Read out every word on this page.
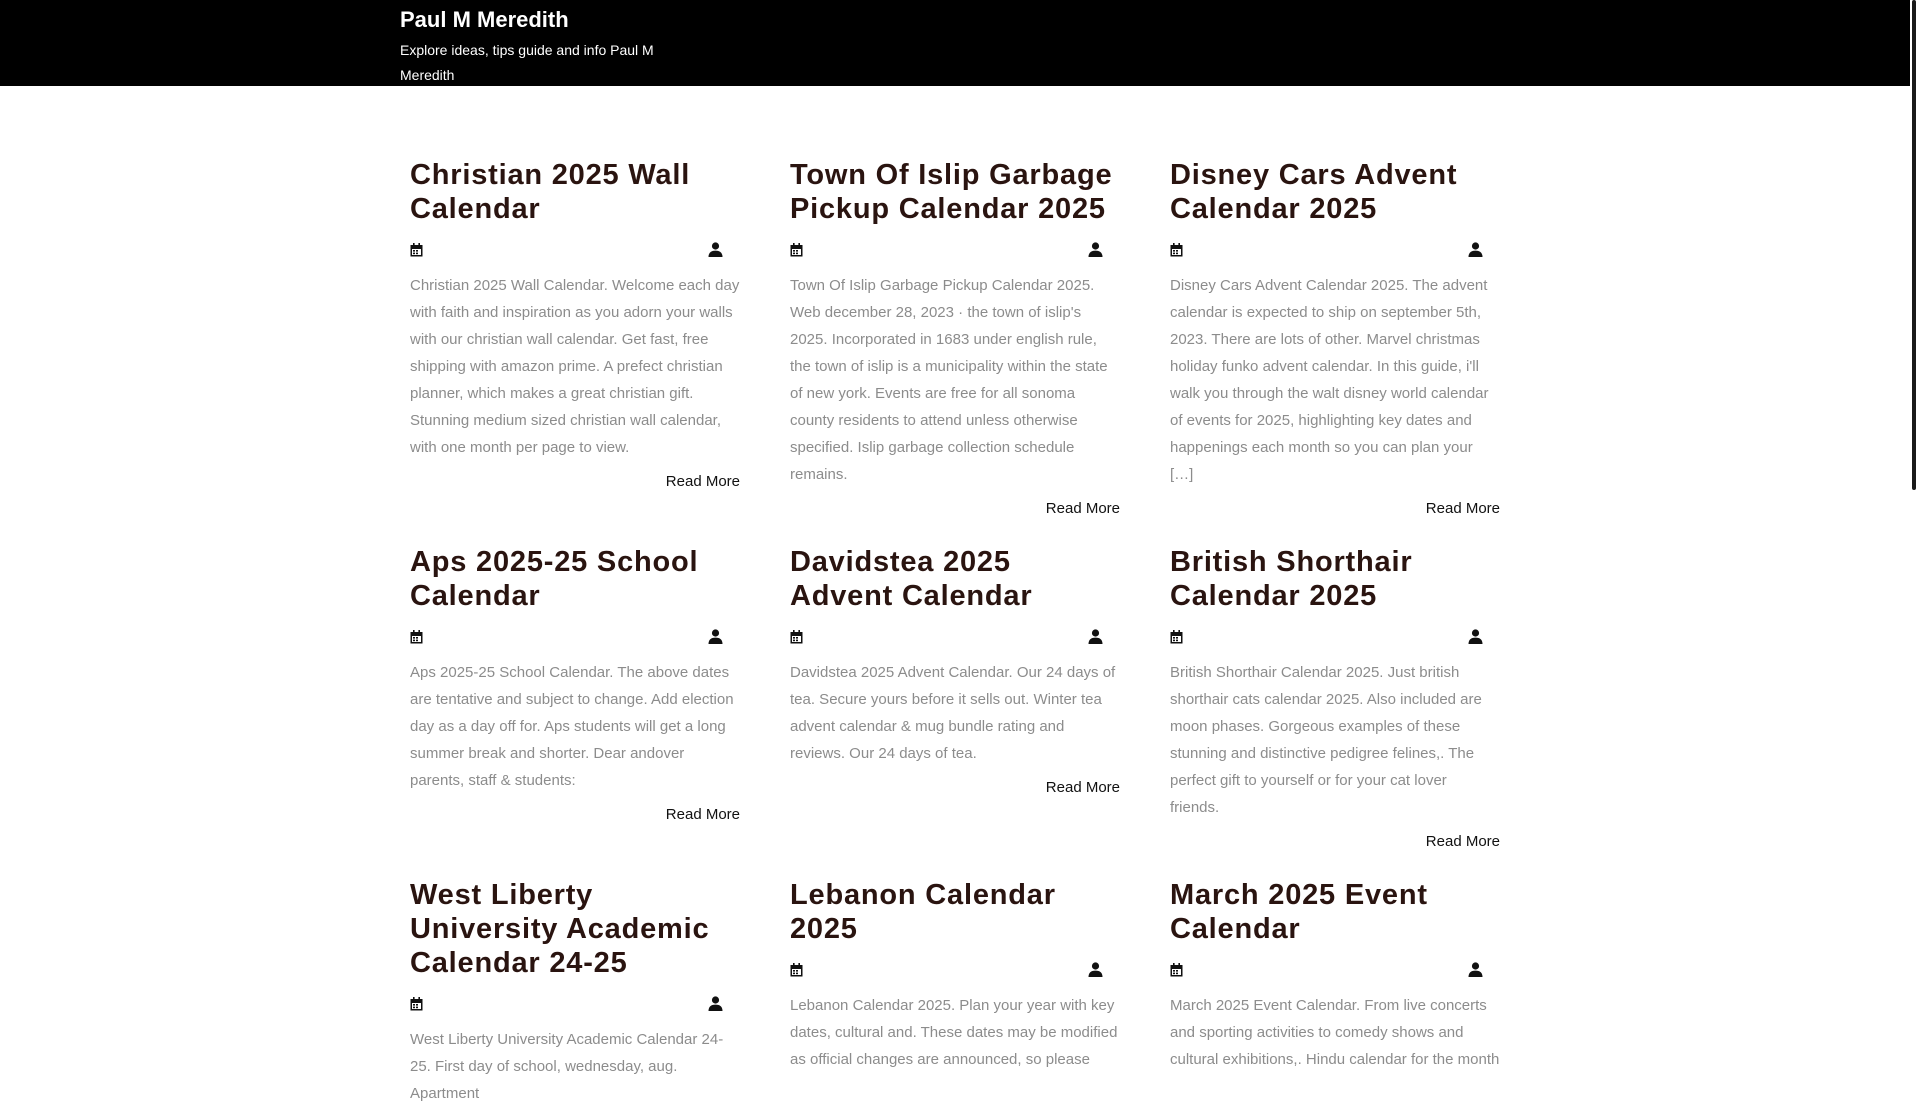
Paul M Meredith

Explore ideas, tips guide and info Paul M Meredith

Christian 2025 Wall Calendar

Christian 2025 Wall Calendar. Welcome each day with faith and inspiration as you adorn your walls with our christian wall calendar. Get fast, free shipping with amazon prime. A prefect christian planner, which makes a great christian gift. Stunning medium sized christian wall calendar, with one month per page to view.

Read More
Town Of Islip Garbage Pickup Calendar 2025

Town Of Islip Garbage Pickup Calendar 2025. Web december 28, 2023 · the town of islip's 2025. Incorporated in 1683 under english rule, the town of islip is a municipality within the state of new york. Events are free for all sonoma county residents to attend unless otherwise specified. Islip garbage collection schedule remains.

Read More
Disney Cars Advent Calendar 2025

Disney Cars Advent Calendar 2025. The advent calendar is expected to ship on september 5th, 2023. There are lots of other. Marvel christmas holiday funko advent calendar. In this guide, i'll walk you through the walt disney world calendar of events for 2025, highlighting key dates and happenings each month so you can plan your […]

Read More
Aps 2025-25 School Calendar

Aps 2025-25 School Calendar. The above dates are tentative and subject to change. Add election day as a day off for. Aps students will get a long summer break and shorter. Dear andover parents, staff & students:

Read More
Davidstea 2025 Advent Calendar

Davidstea 2025 Advent Calendar. Our 24 days of tea. Secure yours before it sells out. Winter tea advent calendar & mug bundle rating and reviews. Our 24 days of tea.

Read More
British Shorthair Calendar 2025

British Shorthair Calendar 2025. Just british shorthair cats calendar 2025. Also included are moon phases. Gorgeous examples of these stunning and distinctive pedigree felines,. The perfect gift to yourself or for your cat lover friends.

Read More
West Liberty University Academic Calendar 24-25

West Liberty University Academic Calendar 24-25. First day of school, wednesday, aug. Apartment

Lebanon Calendar 2025

Lebanon Calendar 2025. Plan your year with key dates, cultural and. These dates may be modified as official changes are announced, so please

March 2025 Event Calendar

March 2025 Event Calendar. From live concerts and sporting activities to comedy shows and cultural exhibitions,. Hindu calendar for the month
